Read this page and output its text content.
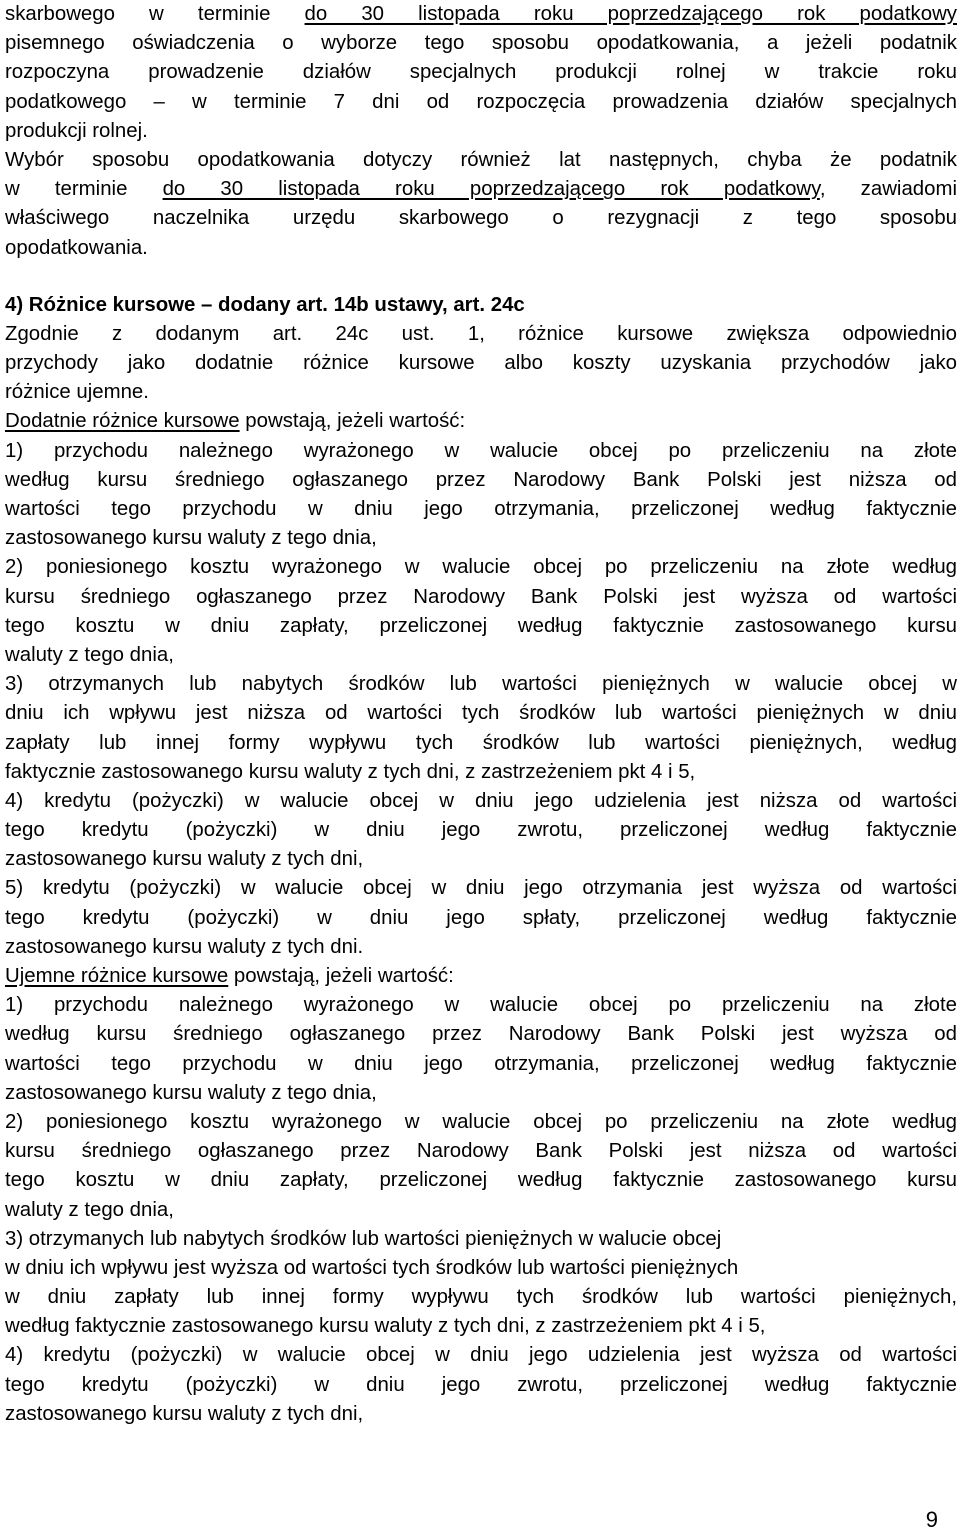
skarbowego w terminie do 30 listopada roku poprzedzającego rok podatkowy
pisemnego oświadczenia o wyborze tego sposobu opodatkowania, a jeżeli podatnik
rozpoczyna prowadzenie działów specjalnych produkcji rolnej w trakcie roku
podatkowego – w terminie 7 dni od rozpoczęcia prowadzenia działów specjalnych
produkcji rolnej.
Wybór sposobu opodatkowania dotyczy również lat następnych, chyba że podatnik
w terminie do 30 listopada roku poprzedzającego rok podatkowy, zawiadomi
właściwego naczelnika urzędu skarbowego o rezygnacji z tego sposobu
opodatkowania.
4) Różnice kursowe – dodany art. 14b ustawy, art. 24c
Zgodnie z dodanym art. 24c ust. 1, różnice kursowe zwiększa odpowiednio
przychody jako dodatnie różnice kursowe albo koszty uzyskania przychodów jako
różnice ujemne.
Dodatnie różnice kursowe powstają, jeżeli wartość:
1) przychodu należnego wyrażonego w walucie obcej po przeliczeniu na złote
według kursu średniego ogłaszanego przez Narodowy Bank Polski jest niższa od
wartości tego przychodu w dniu jego otrzymania, przeliczonej według faktycznie
zastosowanego kursu waluty z tego dnia,
2) poniesionego kosztu wyrażonego w walucie obcej po przeliczeniu na złote według
kursu średniego ogłaszanego przez Narodowy Bank Polski jest wyższa od wartości
tego kosztu w dniu zapłaty, przeliczonej według faktycznie zastosowanego kursu
waluty z tego dnia,
3) otrzymanych lub nabytych środków lub wartości pieniężnych w walucie obcej w
dniu ich wpływu jest niższa od wartości tych środków lub wartości pieniężnych w dniu
zapłaty lub innej formy wypływu tych środków lub wartości pieniężnych, według
faktycznie zastosowanego kursu waluty z tych dni, z zastrzeżeniem pkt 4 i 5,
4) kredytu (pożyczki) w walucie obcej w dniu jego udzielenia jest niższa od wartości
tego kredytu (pożyczki) w dniu jego zwrotu, przeliczonej według faktycznie
zastosowanego kursu waluty z tych dni,
5) kredytu (pożyczki) w walucie obcej w dniu jego otrzymania jest wyższa od wartości
tego kredytu (pożyczki) w dniu jego spłaty, przeliczonej według faktycznie
zastosowanego kursu waluty z tych dni.
Ujemne różnice kursowe powstają, jeżeli wartość:
1) przychodu należnego wyrażonego w walucie obcej po przeliczeniu na złote
według kursu średniego ogłaszanego przez Narodowy Bank Polski jest wyższa od
wartości tego przychodu w dniu jego otrzymania, przeliczonej według faktycznie
zastosowanego kursu waluty z tego dnia,
2) poniesionego kosztu wyrażonego w walucie obcej po przeliczeniu na złote według
kursu średniego ogłaszanego przez Narodowy Bank Polski jest niższa od wartości
tego kosztu w dniu zapłaty, przeliczonej według faktycznie zastosowanego kursu
waluty z tego dnia,
3) otrzymanych lub nabytych środków lub wartości pieniężnych w walucie obcej
w dniu ich wpływu jest wyższa od wartości tych środków lub wartości pieniężnych
w dniu zapłaty lub innej formy wypływu tych środków lub wartości pieniężnych,
według faktycznie zastosowanego kursu waluty z tych dni, z zastrzeżeniem pkt 4 i 5,
4) kredytu (pożyczki) w walucie obcej w dniu jego udzielenia jest wyższa od wartości
tego kredytu (pożyczki) w dniu jego zwrotu, przeliczonej według faktycznie
zastosowanego kursu waluty z tych dni,
9
